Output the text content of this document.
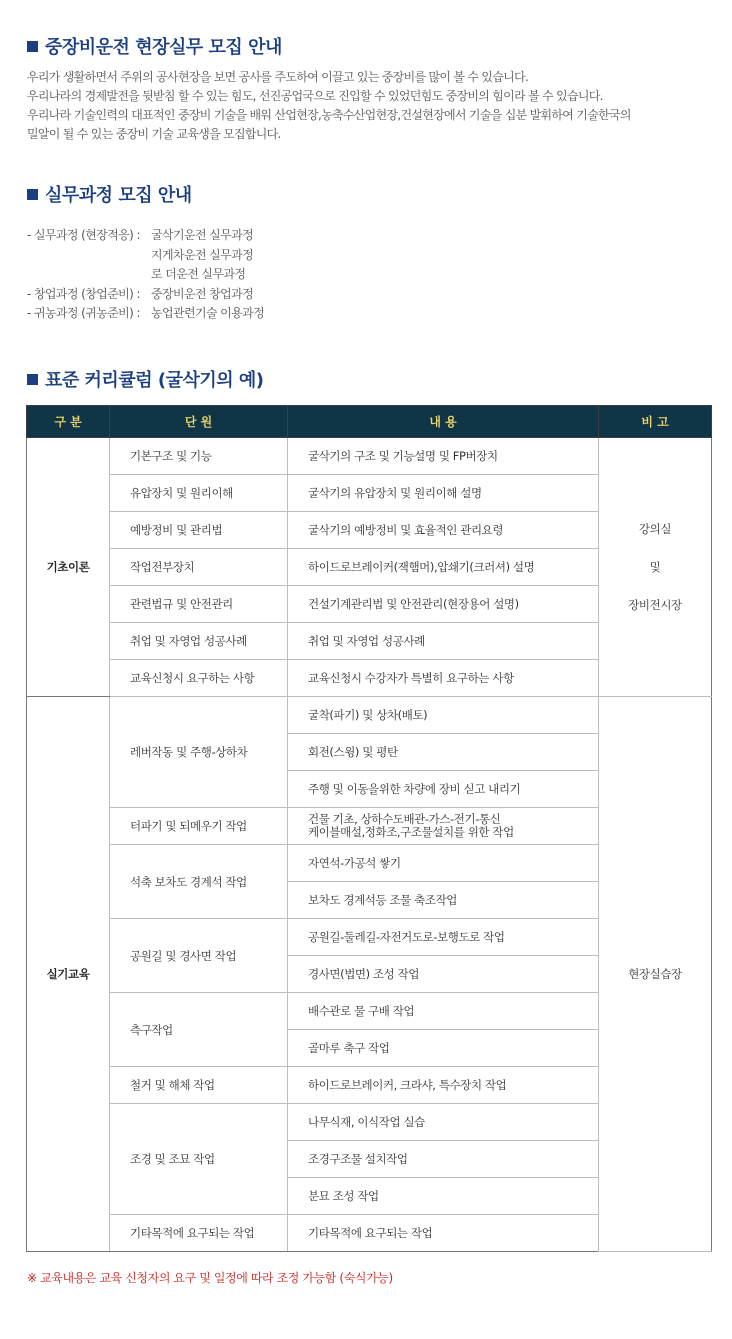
중장비운전 현장실무 모집 안내

우리가 생활하면서 주위의 공사현장을 보면 공사를 주도하여 이끌고 있는 중장비를 많이 볼 수 있습니다.

우리나라의 경제발전을 뒷받침 할 수 있는 힘도, 선진공업국으로 진입할 수 있었던힘도 중장비의 힘이라 볼 수 있습니다.

우리나라 기술인력의 대표적인 중장비 기술을 배워 산업현장,농축수산업현장,건설현장에서 기술을 십분 발휘하여 기술한국의

밀알이 될 수 있는 중장비 기술 교육생을 모집합니다.

실무과정 모집 안내
- 실무과정 (현장적응) : 굴삭기운전 실무과정
지게차운전 실무과정
로 더운전 실무과정
- 창업과정 (창업준비) : 중장비운전 창업과정
- 귀농과정 (귀농준비) : 농업관련기술 이용과정
표준 커리큘럼 (굴삭기의 예)
구 분	단 원	내 용	비 고
기초이론	기본구조 및 기능	굴삭기의 구조 및 기능설명 및 FP버장치	강의실
및
장비전시장

	유압장치 및 원리이해	굴삭기의 유압장치 및 원리이해 설명	
	예방정비 및 관리법	굴삭기의 예방정비 및 효율적인 관리요령	
	작업전부장치	하이드로브레이커(잭햄머),압쇄기(크러셔) 설명	
	관련법규 및 안전관리	건설기계관리법 및 안전관리(현장용어 설명)	
	취업 및 자영업 성공사례	취업 및 자영업 성공사례	
	교육신청시 요구하는 사항	교육신청시 수강자가 특별히 요구하는 사항	
실기교육	레버작동 및 주행-상하차	굴착(파기) 및 상차(배토)	현장실습장
		회전(스윙) 및 평탄	
		주행 및 이동을위한 차량에 장비 싣고 내리기	
	터파기 및 되메우기 작업	건물 기초, 상하수도배관-가스-전기-통신
케이블매설,정화조,구조물설치를 위한 작업	
	석축 보차도 경계석 작업	자연석-가공석 쌓기	
		보차도 경계석등 조물 축조작업	
	공원길 및 경사면 작업	공원길-둘레길-자전거도로-보행도로 작업	
		경사면(법면) 조성 작업	
	측구작업	배수관로 물 구배 작업	
		골마루 축구 작업	
	철거 및 해체 작업	하이드로브레이커, 크라샤, 특수장치 작업	
	조경 및 조묘 작업	나무식재, 이식작업 실습	
		조경구조물 설치작업	
		분묘 조성 작업	
	기타목적에 요구되는 작업	기타목적에 요구되는 작업	
※ 교육내용은 교육 신청자의 요구 및 일정에 따라 조정 가능함 (숙식가능)
